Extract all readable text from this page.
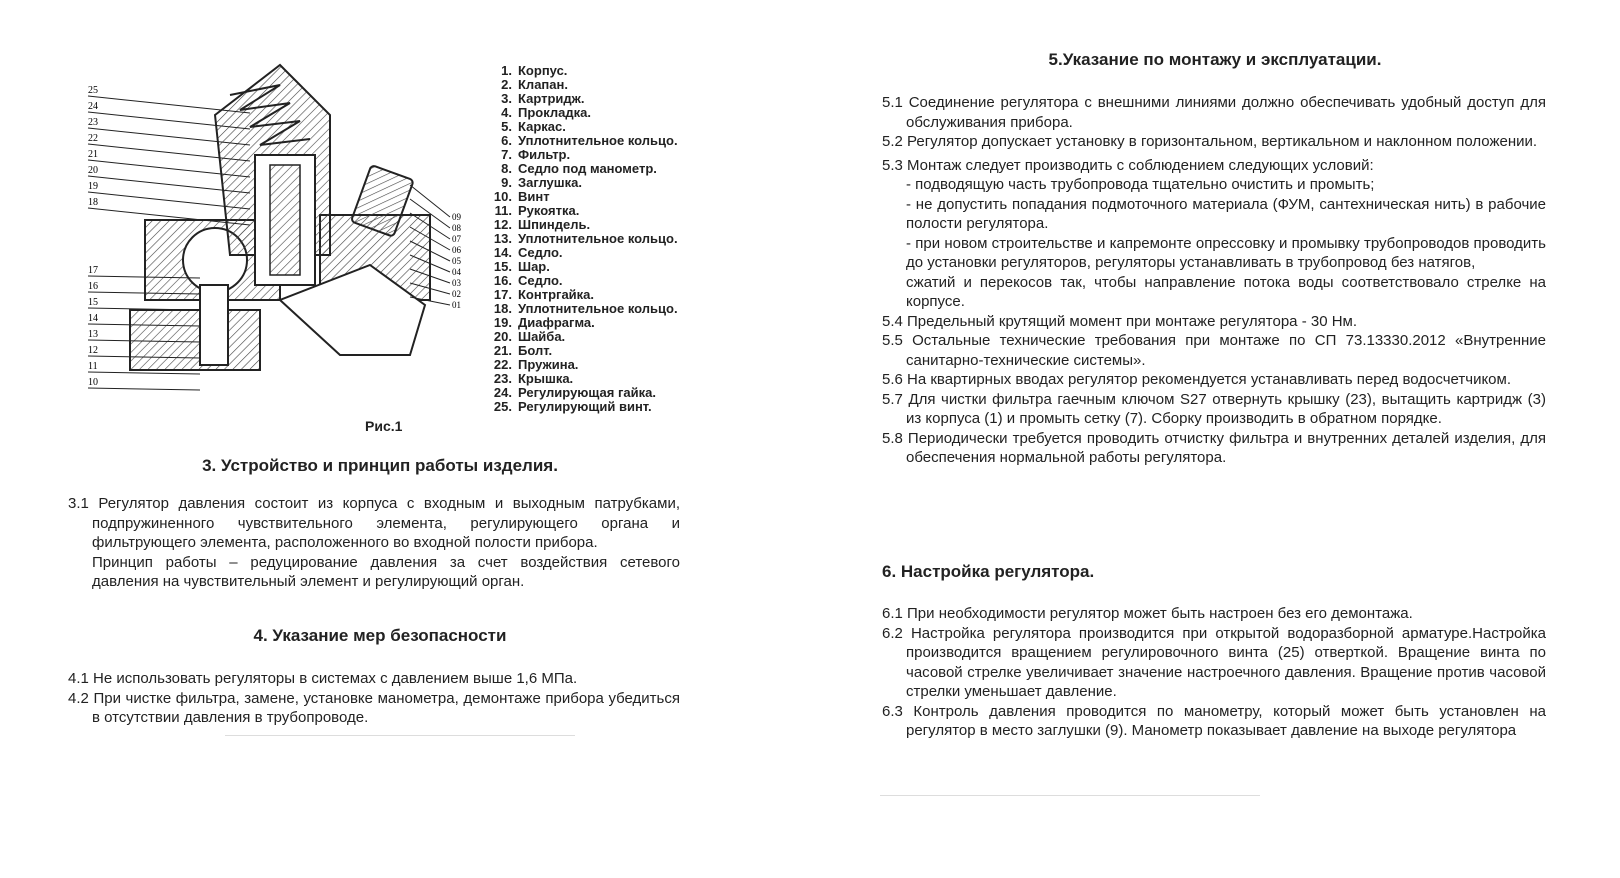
25
24
23
22
21
20
19
18
17
16
15
14
13
12
11
10
09
08
07
06
05
04
03
02
01
1. Корпус.
2. Клапан.
3. Картридж.
4. Прокладка.
5. Каркас.
6. Уплотнительное кольцо.
7. Фильтр.
8. Седло под манометр.
9. Заглушка.
10. Винт
11. Рукоятка.
12. Шпиндель.
13. Уплотнительное кольцо.
14. Седло.
15. Шар.
16. Седло.
17. Контргайка.
18. Уплотнительное кольцо.
19. Диафрагма.
20. Шайба.
21. Болт.
22. Пружина.
23. Крышка.
24. Регулирующая гайка.
25. Регулирующий винт.
Рис.1
3. Устройство и принцип работы изделия.
3.1 Регулятор давления состоит из корпуса с входным и выходным патрубками, подпружиненного чувствительного элемента, регулирующего органа и фильтрующего элемента, расположенного во входной полости прибора.
Принцип работы – редуцирование давления за счет воздействия сетевого давления на чувствительный элемент и регулирующий орган.
4. Указание мер безопасности
4.1 Не использовать регуляторы в системах с давлением выше 1,6 МПа.
4.2 При чистке фильтра, замене, установке манометра, демонтаже прибора убедиться в отсутствии давления в трубопроводе.
5.Указание по монтажу и эксплуатации.
5.1 Соединение регулятора с внешними линиями должно обеспечивать удобный доступ для обслуживания прибора.
5.2 Регулятор допускает установку в горизонтальном, вертикальном и наклонном положении.
5.3 Монтаж следует производить с соблюдением следующих условий:
- подводящую часть трубопровода тщательно очистить и промыть;
- не допустить попадания подмоточного материала (ФУМ, сантехническая нить) в рабочие полости регулятора.
- при новом строительстве и капремонте опрессовку и промывку трубопроводов проводить до установки регуляторов, регуляторы устанавливать в трубопровод без натягов,
сжатий и перекосов так, чтобы направление потока воды соответствовало стрелке на корпусе.
5.4 Предельный крутящий момент при монтаже регулятора - 30 Нм.
5.5 Остальные технические требования при монтаже по СП 73.13330.2012 «Внутренние санитарно-технические системы».
5.6 На квартирных вводах регулятор рекомендуется устанавливать перед водосчетчиком.
5.7 Для чистки фильтра гаечным ключом S27 отвернуть крышку (23), вытащить картридж (3) из корпуса (1) и промыть сетку (7). Сборку производить в обратном порядке.
5.8 Периодически требуется проводить отчистку фильтра и внутренних деталей изделия, для обеспечения нормальной работы регулятора.
6. Настройка регулятора.
6.1 При необходимости регулятор может быть настроен без его демонтажа.
6.2 Настройка регулятора производится при открытой водоразборной арматуре.Настройка производится вращением регулировочного винта (25) отверткой. Вращение винта по часовой стрелке увеличивает значение настроечного давления. Вращение против часовой стрелки уменьшает давление.
6.3 Контроль давления проводится по манометру, который может быть установлен на регулятор в место заглушки (9). Манометр показывает давление на выходе регулятора
